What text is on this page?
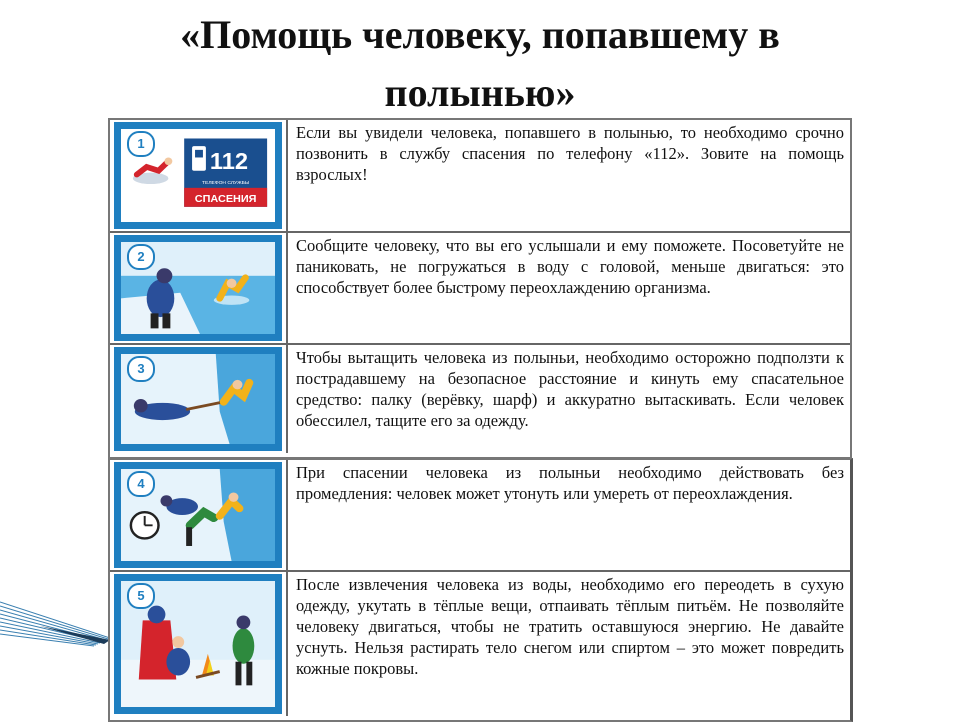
«Помощь человеку, попавшему в полынью»
1
112
ТЕЛЕФОН СЛУЖБЫ
СПАСЕНИЯ
Если вы увидели человека, попавшего в полынью, то необходимо срочно позвонить в службу спасения по телефону «112». Зовите на помощь взрослых!
2
Сообщите человеку, что вы его услышали и ему поможете. Посоветуйте не паниковать, не погружаться в воду с головой, меньше двигаться: это способствует более быстрому переохлаждению организма.
3
Чтобы вытащить человека из полыньи, необходимо осторожно подползти к пострадавшему на безопасное расстояние и кинуть ему спасательное средство: палку (верёвку, шарф) и аккуратно вытаскивать. Если человек обессилел, тащите его за одежду.
4
При спасении человека из полыньи необходимо действовать без промедления: человек может утонуть или умереть от переохлаждения.
5
После извлечения человека из воды, необходимо его переодеть в сухую одежду, укутать в тёплые вещи, отпаивать тёплым питьём. Не позволяйте человеку двигаться, чтобы не тратить оставшуюся энергию. Не давайте уснуть. Нельзя растирать тело снегом или спиртом – это может повредить кожные покровы.
